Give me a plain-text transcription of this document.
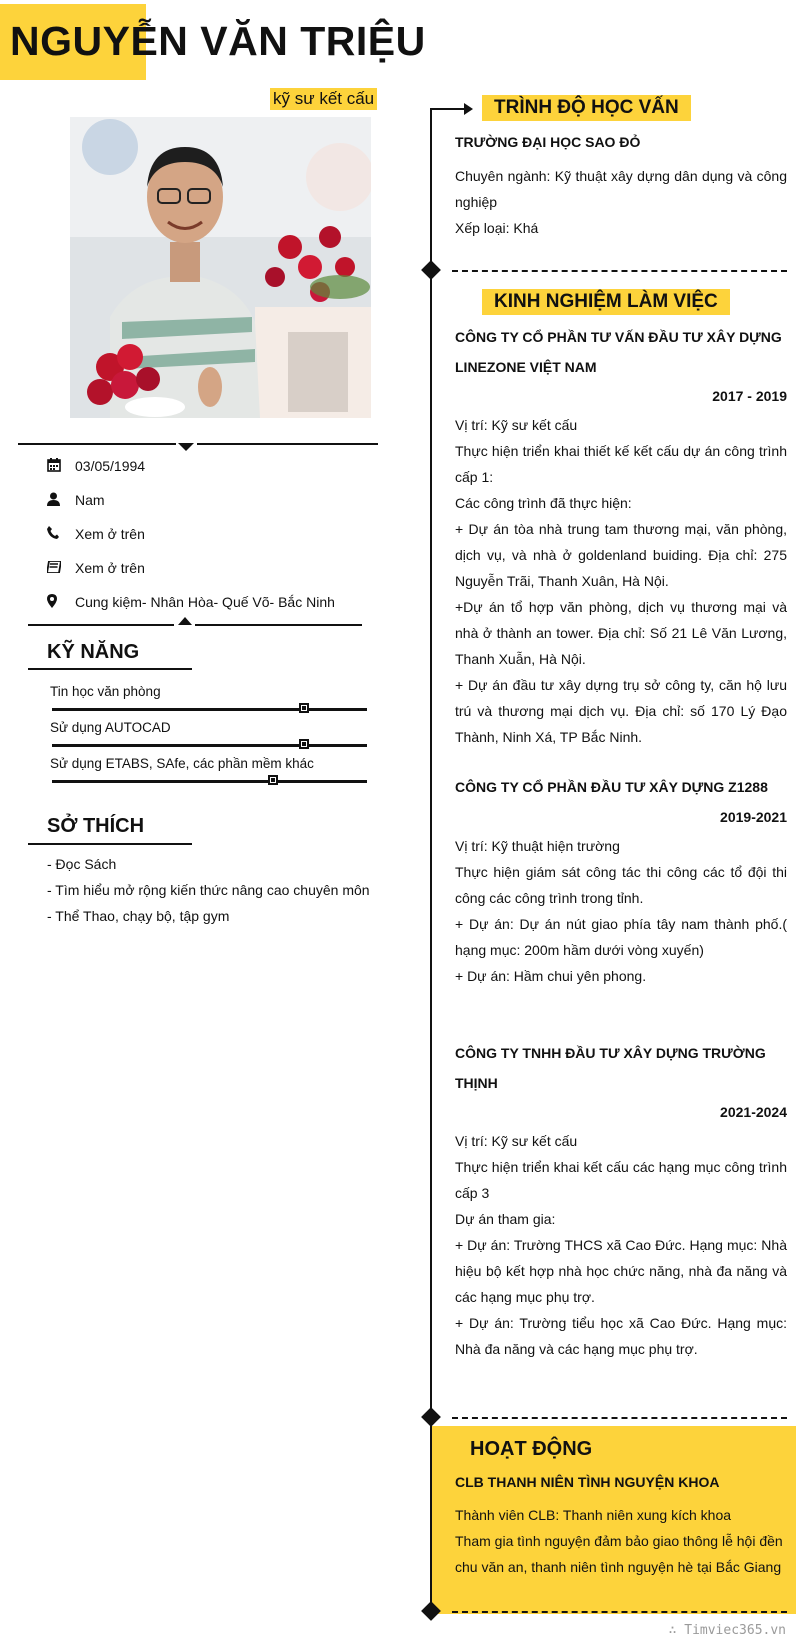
NGUYỄN VĂN TRIỆU
kỹ sư kết cấu
03/05/1994
Nam
Xem ở trên
Xem ở trên
Cung kiệm- Nhân Hòa- Quế Võ- Bắc Ninh
KỸ NĂNG
Tin học văn phòng
Sử dụng AUTOCAD
Sử dụng ETABS, SAfe, các phần mềm khác
SỞ THÍCH
- Đọc Sách
- Tìm hiểu mở rộng kiến thức nâng cao chuyên môn
- Thể Thao, chạy bộ, tập gym
TRÌNH ĐỘ HỌC VẤN
TRƯỜNG ĐẠI HỌC SAO ĐỎ
Chuyên ngành: Kỹ thuật xây dựng dân dụng và công nghiệp
Xếp loại: Khá
KINH NGHIỆM LÀM VIỆC
CÔNG TY CỔ PHẦN TƯ VẤN ĐẦU TƯ XÂY DỰNG LINEZONE VIỆT NAM
2017 - 2019
Vị trí: Kỹ sư kết cấu
Thực hiện triển khai thiết kế kết cấu dự án công trình cấp 1:
Các công trình đã thực hiện:
+ Dự án tòa nhà trung tam thương mại, văn phòng, dịch vụ, và nhà ở goldenland buiding. Địa chỉ: 275 Nguyễn Trãi, Thanh Xuân, Hà Nội.
+Dự án tổ hợp văn phòng, dịch vụ thương mại và nhà ở thành an tower. Địa chỉ: Số 21 Lê Văn Lương, Thanh Xuẫn, Hà Nội.
+ Dự án đầu tư xây dựng trụ sở công ty, căn hộ lưu trú và thương mại dịch vụ. Địa chỉ: số 170 Lý Đạo Thành, Ninh Xá, TP Bắc Ninh.
CÔNG TY CỔ PHẦN ĐẦU TƯ XÂY DỰNG Z1288
2019-2021
Vị trí: Kỹ thuật hiện trường
Thực hiện giám sát công tác thi công các tổ đội thi công các công trình trong tỉnh.
+ Dự án: Dự án nút giao phía tây nam thành phố.( hạng mục: 200m hầm dưới vòng xuyến)
+ Dự án: Hầm chui yên phong.
CÔNG TY TNHH ĐẦU TƯ XÂY DỰNG TRƯỜNG THỊNH
2021-2024
Vị trí: Kỹ sư kết cấu
Thực hiện triển khai kết cấu các hạng mục công trình cấp 3
Dự án tham gia:
+ Dự án: Trường THCS xã Cao Đức. Hạng mục: Nhà hiệu bộ kết hợp nhà học chức năng, nhà đa năng và các hạng mục phụ trợ.
+ Dự án: Trường tiểu học xã Cao Đức. Hạng mục: Nhà đa năng và các hạng mục phụ trợ.
HOẠT ĐỘNG
CLB THANH NIÊN TÌNH NGUYỆN KHOA
Thành viên CLB: Thanh niên xung kích khoa
Tham gia tình nguyện đảm bảo giao thông lễ hội đền chu văn an, thanh niên tình nguyện hè tại Bắc Giang
∴ Timviec365.vn
